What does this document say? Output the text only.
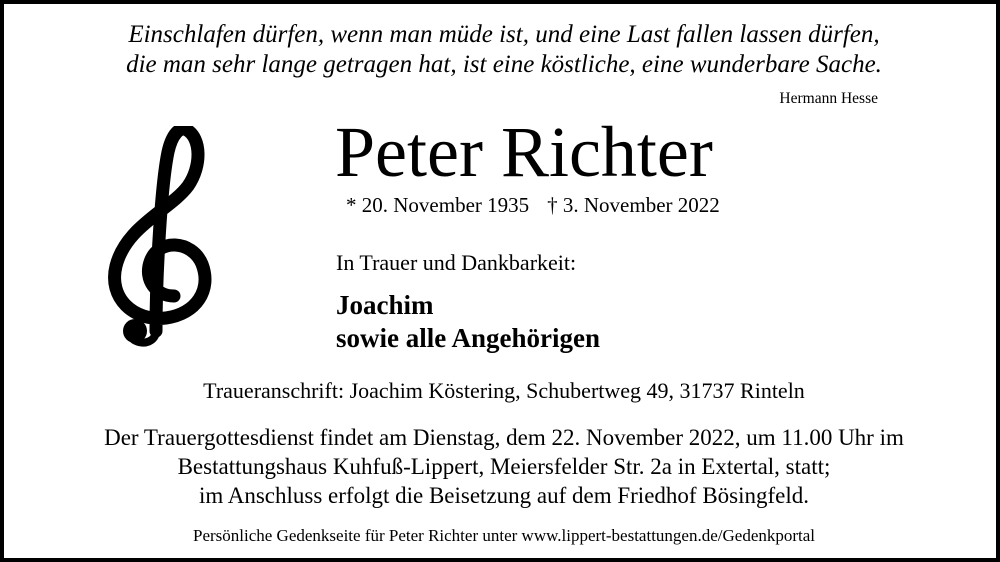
Einschlafen dürfen, wenn man müde ist, und eine Last fallen lassen dürfen,
die man sehr lange getragen hat, ist eine köstliche, eine wunderbare Sache.
Hermann Hesse
Peter Richter
* 20. November 1935 † 3. November 2022
In Trauer und Dankbarkeit:
Joachim
sowie alle Angehörigen
Traueranschrift: Joachim Köstering, Schubertweg 49, 31737 Rinteln
Der Trauergottesdienst findet am Dienstag, dem 22. November 2022, um 11.00 Uhr im
Bestattungshaus Kuhfuß-Lippert, Meiersfelder Str. 2a in Extertal, statt;
im Anschluss erfolgt die Beisetzung auf dem Friedhof Bösingfeld.
Persönliche Gedenkseite für Peter Richter unter www.lippert-bestattungen.de/Gedenkportal
